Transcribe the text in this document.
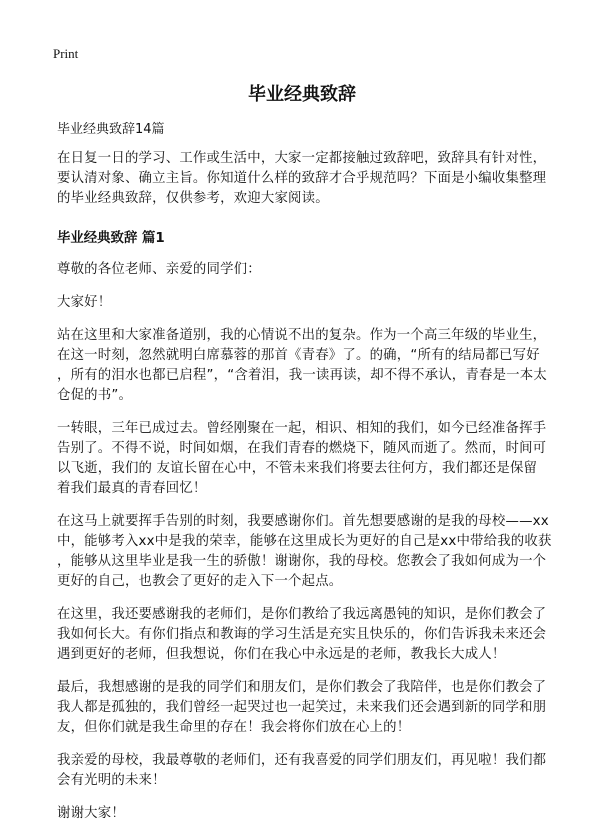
Print
毕业经典致辞
毕业经典致辞14篇
在日复一日的学习、工作或生活中，大家一定都接触过致辞吧，致辞具有针对性，
要认清对象、确立主旨。你知道什么样的致辞才合乎规范吗？下面是小编收集整理
的毕业经典致辞，仅供参考，欢迎大家阅读。
毕业经典致辞 篇1
尊敬的各位老师、亲爱的同学们：
大家好！
站在这里和大家准备道别，我的心情说不出的复杂。作为一个高三年级的毕业生，
在这一时刻，忽然就明白席慕蓉的那首《青春》了。的确，“所有的结局都已写好
，所有的泪水也都已启程”，“含着泪，我一读再读，却不得不承认，青春是一本太
仓促的书”。
一转眼，三年已成过去。曾经刚聚在一起，相识、相知的我们，如今已经准备挥手
告别了。不得不说，时间如烟，在我们青春的燃烧下，随风而逝了。然而，时间可
以飞逝，我们的 友谊长留在心中，不管未来我们将要去往何方，我们都还是保留
着我们最真的青春回忆！
在这马上就要挥手告别的时刻，我要感谢你们。首先想要感谢的是我的母校——xx
中，能够考入xx中是我的荣幸，能够在这里成长为更好的自己是xx中带给我的收获
，能够从这里毕业是我一生的骄傲！谢谢你，我的母校。您教会了我如何成为一个
更好的自己，也教会了更好的走入下一个起点。
在这里，我还要感谢我的老师们，是你们教给了我远离愚钝的知识，是你们教会了
我如何长大。有你们指点和教诲的学习生活是充实且快乐的，你们告诉我未来还会
遇到更好的老师，但我想说，你们在我心中永远是的老师，教我长大成人！
最后，我想感谢的是我的同学们和朋友们，是你们教会了我陪伴，也是你们教会了
我人都是孤独的，我们曾经一起哭过也一起笑过，未来我们还会遇到新的同学和朋
友，但你们就是我生命里的存在！我会将你们放在心上的！
我亲爱的母校，我最尊敬的老师们，还有我喜爱的同学们朋友们，再见啦！我们都
会有光明的未来！
谢谢大家！
